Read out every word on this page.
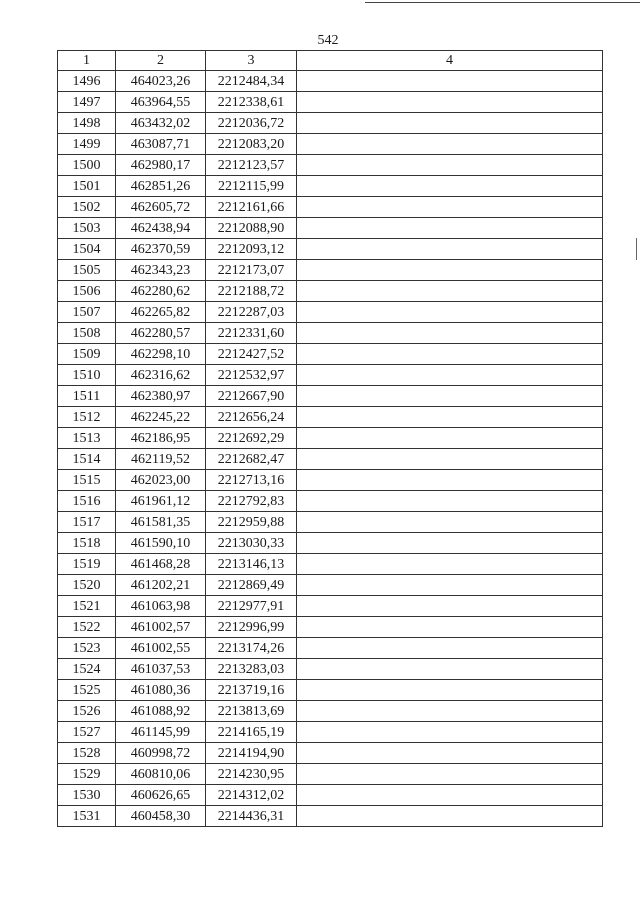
542
1	2	3	4
1496	464023,26	2212484,34	
1497	463964,55	2212338,61	
1498	463432,02	2212036,72	
1499	463087,71	2212083,20	
1500	462980,17	2212123,57	
1501	462851,26	2212115,99	
1502	462605,72	2212161,66	
1503	462438,94	2212088,90	
1504	462370,59	2212093,12	
1505	462343,23	2212173,07	
1506	462280,62	2212188,72	
1507	462265,82	2212287,03	
1508	462280,57	2212331,60	
1509	462298,10	2212427,52	
1510	462316,62	2212532,97	
1511	462380,97	2212667,90	
1512	462245,22	2212656,24	
1513	462186,95	2212692,29	
1514	462119,52	2212682,47	
1515	462023,00	2212713,16	
1516	461961,12	2212792,83	
1517	461581,35	2212959,88	
1518	461590,10	2213030,33	
1519	461468,28	2213146,13	
1520	461202,21	2212869,49	
1521	461063,98	2212977,91	
1522	461002,57	2212996,99	
1523	461002,55	2213174,26	
1524	461037,53	2213283,03	
1525	461080,36	2213719,16	
1526	461088,92	2213813,69	
1527	461145,99	2214165,19	
1528	460998,72	2214194,90	
1529	460810,06	2214230,95	
1530	460626,65	2214312,02	
1531	460458,30	2214436,31	
